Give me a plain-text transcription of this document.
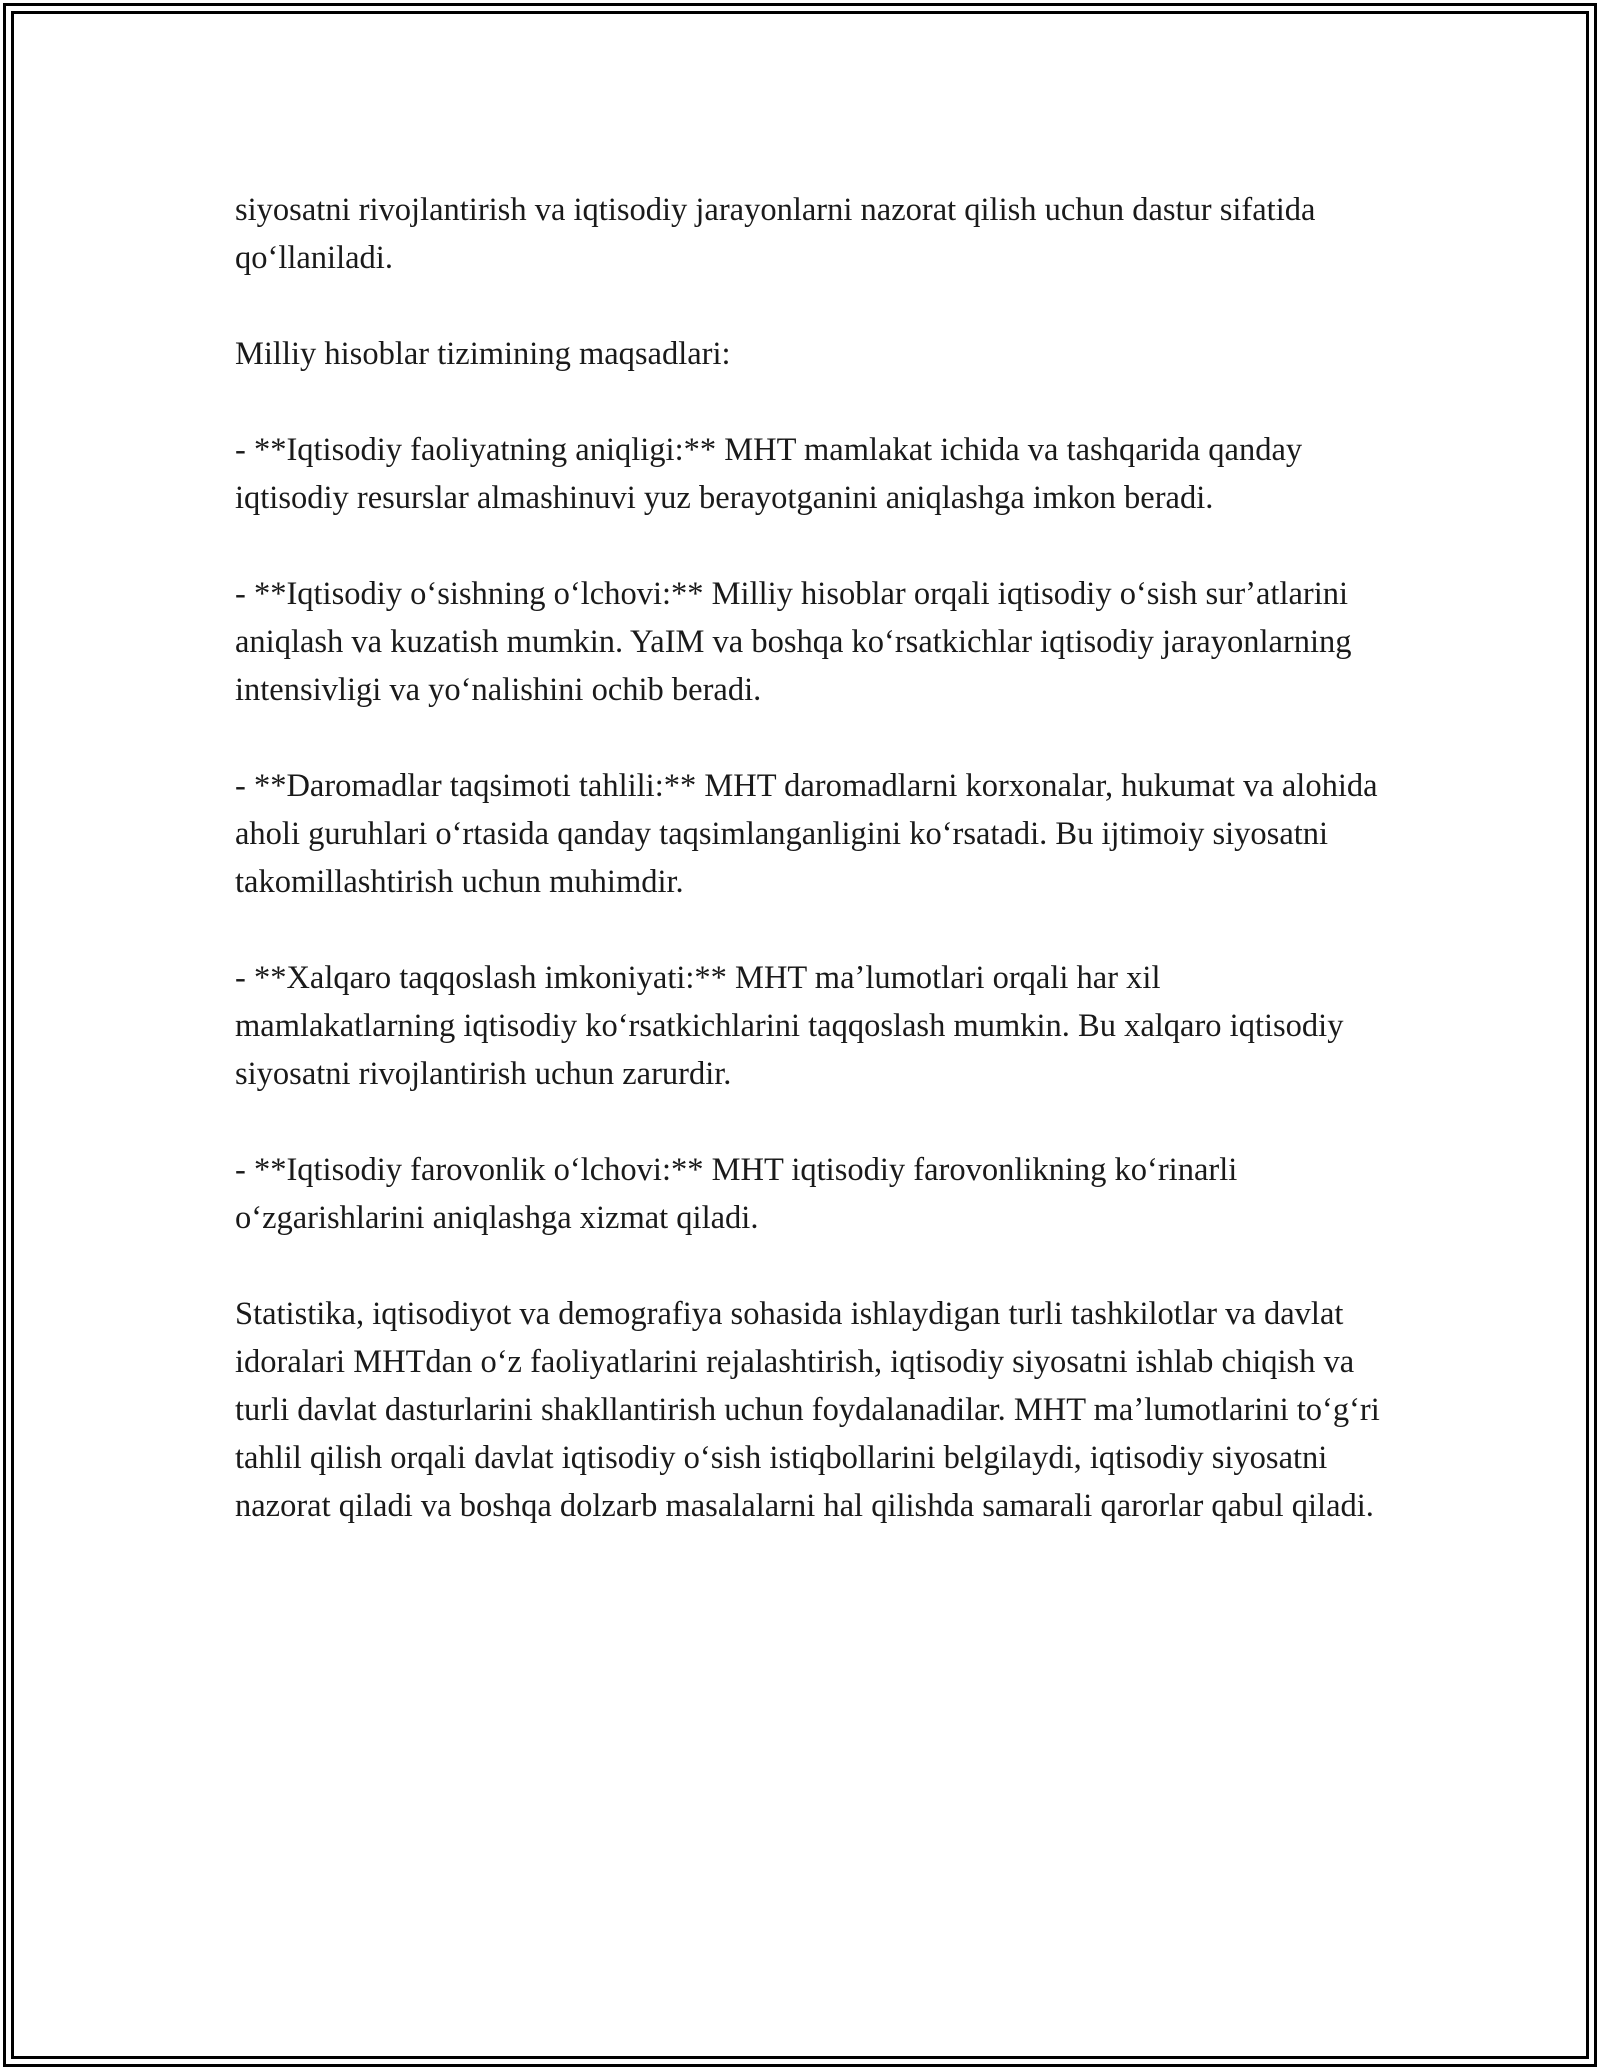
siyosatni rivojlantirish va iqtisodiy jarayonlarni nazorat qilish uchun dastur sifatida qoʻllaniladi.

Milliy hisoblar tizimining maqsadlari:

- **Iqtisodiy faoliyatning aniqligi:** MHT mamlakat ichida va tashqarida qanday iqtisodiy resurslar almashinuvi yuz berayotganini aniqlashga imkon beradi.

- **Iqtisodiy oʻsishning oʻlchovi:** Milliy hisoblar orqali iqtisodiy oʻsish surʼatlarini aniqlash va kuzatish mumkin. YaIM va boshqa koʻrsatkichlar iqtisodiy jarayonlarning intensivligi va yoʻnalishini ochib beradi.

- **Daromadlar taqsimoti tahlili:** MHT daromadlarni korxonalar, hukumat va alohida aholi guruhlari oʻrtasida qanday taqsimlanganligini koʻrsatadi. Bu ijtimoiy siyosatni takomillashtirish uchun muhimdir.

- **Xalqaro taqqoslash imkoniyati:** MHT maʼlumotlari orqali har xil mamlakatlarning iqtisodiy koʻrsatkichlarini taqqoslash mumkin. Bu xalqaro iqtisodiy siyosatni rivojlantirish uchun zarurdir.

- **Iqtisodiy farovonlik oʻlchovi:** MHT iqtisodiy farovonlikning koʻrinarli oʻzgarishlarini aniqlashga xizmat qiladi.

Statistika, iqtisodiyot va demografiya sohasida ishlaydigan turli tashkilotlar va davlat idoralari MHTdan oʻz faoliyatlarini rejalashtirish, iqtisodiy siyosatni ishlab chiqish va turli davlat dasturlarini shakllantirish uchun foydalanadilar. MHT maʼlumotlarini toʻgʻri tahlil qilish orqali davlat iqtisodiy oʻsish istiqbollarini belgilaydi, iqtisodiy siyosatni nazorat qiladi va boshqa dolzarb masalalarni hal qilishda samarali qarorlar qabul qiladi.
